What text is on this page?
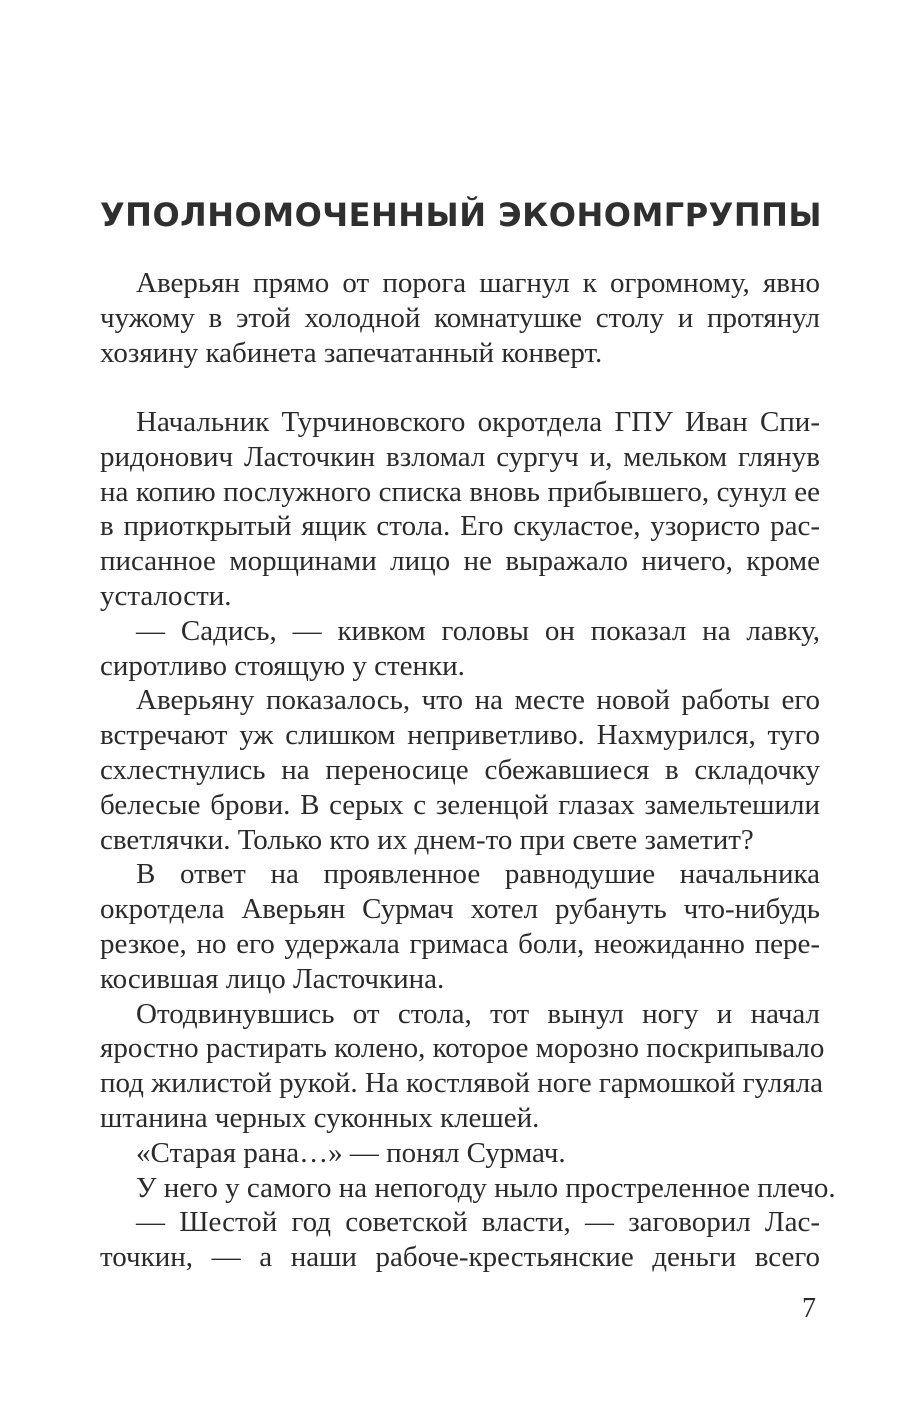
УПОЛНОМОЧЕННЫЙ ЭКОНОМГРУППЫ
Аверьян прямо от порога шагнул к огромному, явно
чужому в этой холодной комнатушке столу и протянул
хозяину кабинета запечатанный конверт.
Начальник Турчиновского окротдела ГПУ Иван Спи-
ридонович Ласточкин взломал сургуч и, мельком глянув
на копию послужного списка вновь прибывшего, сунул ее
в приоткрытый ящик стола. Его скуластое, узористо рас-
писанное морщинами лицо не выражало ничего, кроме
усталости.
— Садись, — кивком головы он показал на лавку,
сиротливо стоящую у стенки.
Аверьяну показалось, что на месте новой работы его
встречают уж слишком неприветливо. Нахмурился, туго
схлестнулись на переносице сбежавшиеся в складочку
белесые брови. В серых с зеленцой глазах замельтешили
светлячки. Только кто их днем-то при свете заметит?
В ответ на проявленное равнодушие начальника
окротдела Аверьян Сурмач хотел рубануть что-нибудь
резкое, но его удержала гримаса боли, неожиданно пере-
косившая лицо Ласточкина.
Отодвинувшись от стола, тот вынул ногу и начал
яростно растирать колено, которое морозно поскрипывало
под жилистой рукой. На костлявой ноге гармошкой гуляла
штанина черных суконных клешей.
«Старая рана…» — понял Сурмач.
У него у самого на непогоду ныло простреленное плечо.
— Шестой год советской власти, — заговорил Лас-
точкин, — а наши рабоче-крестьянские деньги всего

7
